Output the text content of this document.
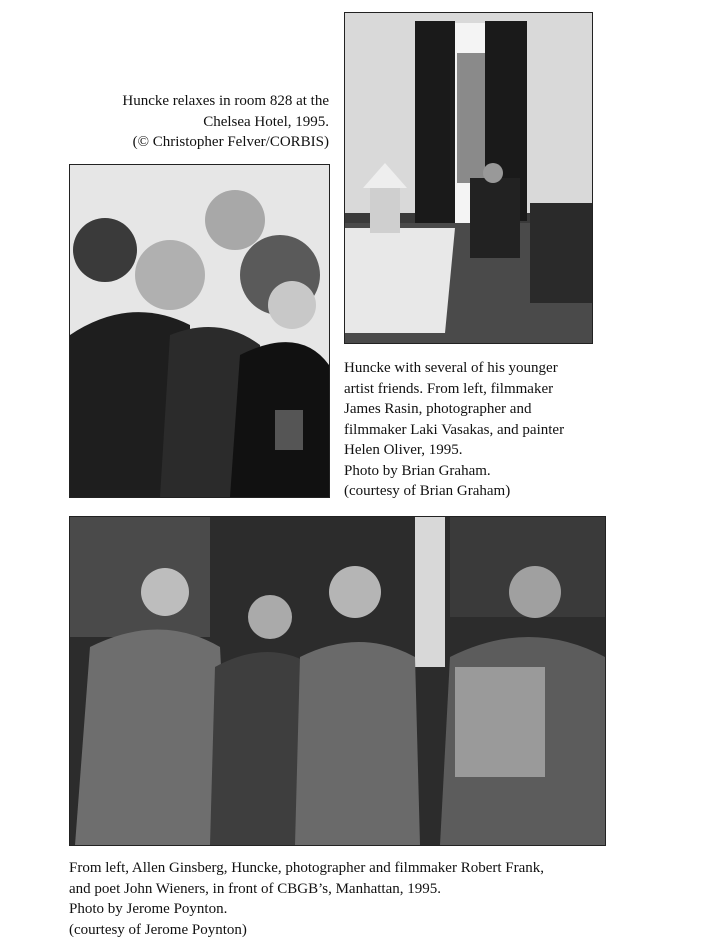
Huncke relaxes in room 828 at the
Chelsea Hotel, 1995.
(© Christopher Felver/CORBIS)
Huncke with several of his younger
artist friends. From left, filmmaker
James Rasin, photographer and
filmmaker Laki Vasakas, and painter
Helen Oliver, 1995.
Photo by Brian Graham.
(courtesy of Brian Graham)
From left, Allen Ginsberg, Huncke, photographer and filmmaker Robert Frank,
and poet John Wieners, in front of CBGB’s, Manhattan, 1995.
Photo by Jerome Poynton.
(courtesy of Jerome Poynton)
